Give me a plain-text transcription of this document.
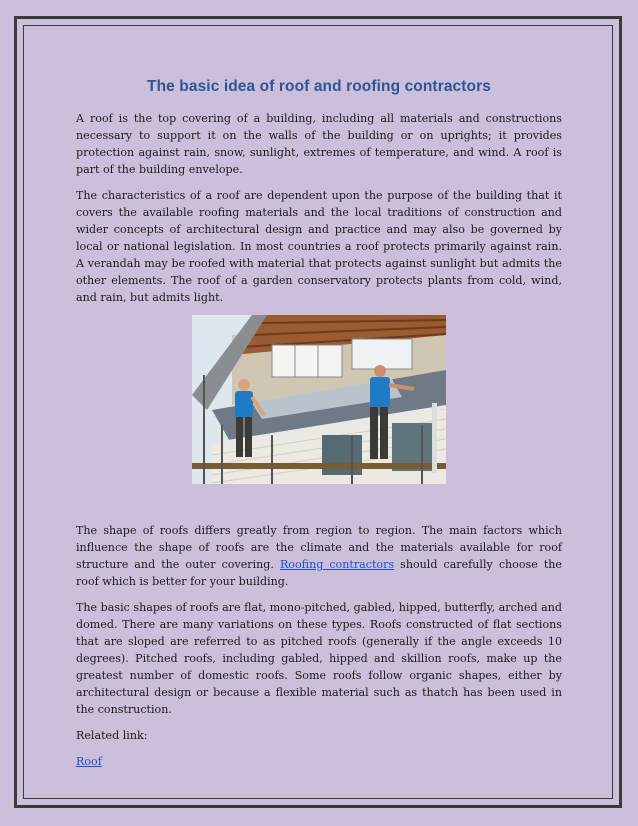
The basic idea of roof and roofing contractors

A roof is the top covering of a building, including all materials and constructions necessary to support it on the walls of the building or on uprights; it provides protection against rain, snow, sunlight, extremes of temperature, and wind. A roof is part of the building envelope.

The characteristics of a roof are dependent upon the purpose of the building that it covers the available roofing materials and the local traditions of construction and wider concepts of architectural design and practice and may also be governed by local or national legislation. In most countries a roof protects primarily against rain. A verandah may be roofed with material that protects against sunlight but admits the other elements. The roof of a garden conservatory protects plants from cold, wind, and rain, but admits light.

The shape of roofs differs greatly from region to region. The main factors which influence the shape of roofs are the climate and the materials available for roof structure and the outer covering. Roofing contractors should carefully choose the roof which is better for your building.

The basic shapes of roofs are flat, mono-pitched, gabled, hipped, butterfly, arched and domed. There are many variations on these types. Roofs constructed of flat sections that are sloped are referred to as pitched roofs (generally if the angle exceeds 10 degrees). Pitched roofs, including gabled, hipped and skillion roofs, make up the greatest number of domestic roofs. Some roofs follow organic shapes, either by architectural design or because a flexible material such as thatch has been used in the construction.

Related link:

Roof
